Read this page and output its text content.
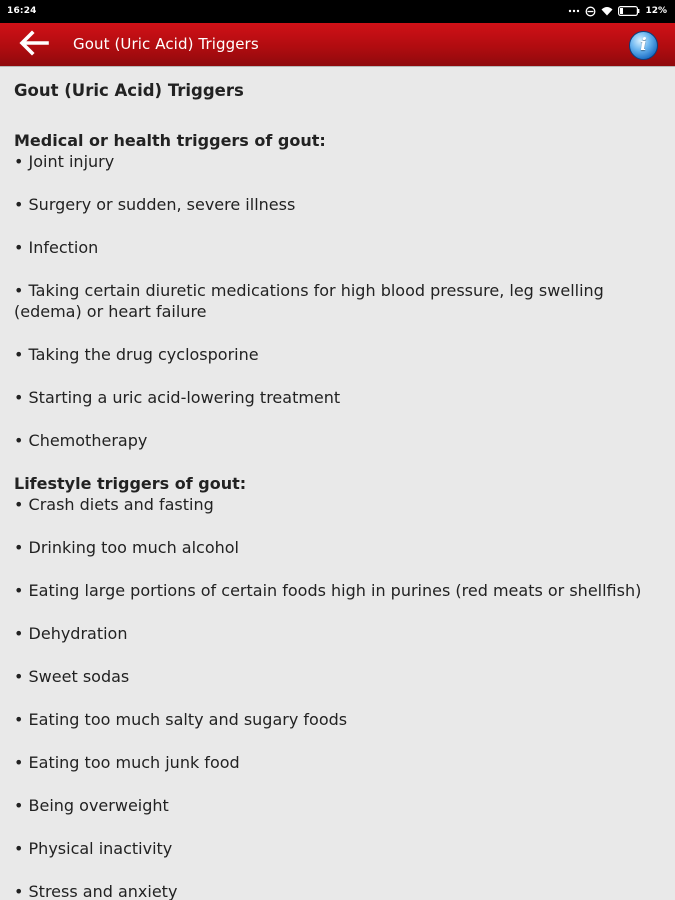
16:24	12%
Gout (Uric Acid) Triggers	i
Gout (Uric Acid) Triggers
Medical or health triggers of gout:
• Joint injury
• Surgery or sudden, severe illness
• Infection
• Taking certain diuretic medications for high blood pressure, leg swelling (edema) or heart failure
• Taking the drug cyclosporine
• Starting a uric acid-lowering treatment
• Chemotherapy
Lifestyle triggers of gout:
• Crash diets and fasting
• Drinking too much alcohol
• Eating large portions of certain foods high in purines (red meats or shellfish)
• Dehydration
• Sweet sodas
• Eating too much salty and sugary foods
• Eating too much junk food
• Being overweight
• Physical inactivity
• Stress and anxiety
